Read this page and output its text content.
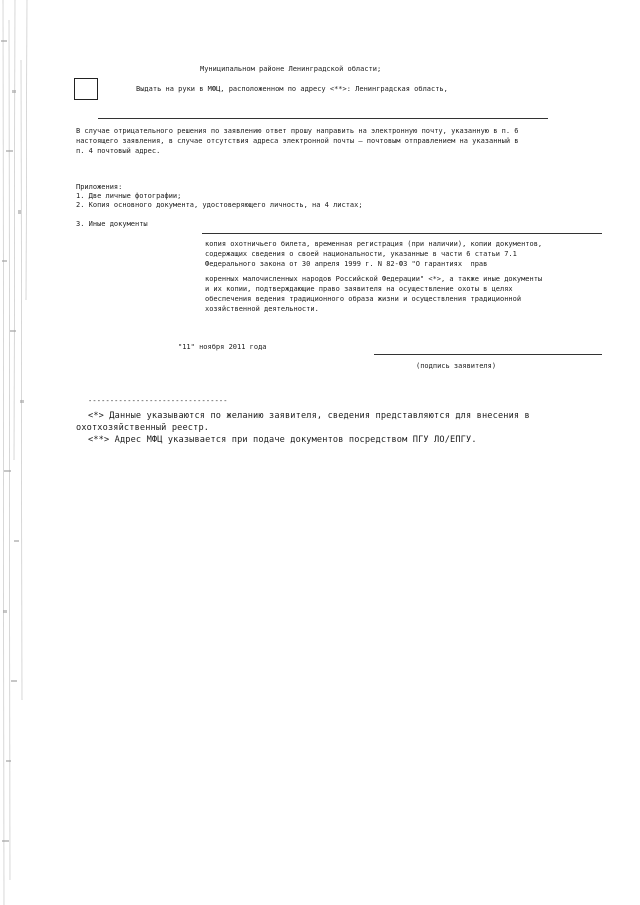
Муниципальном районе Ленинградской области;
Выдать на руки в МФЦ, расположенном по адресу <**>: Ленинградская область,
В случае отрицательного решения по заявлению ответ прошу направить на электронную почту, указанную в п. 6
настоящего заявления, в случае отсутствия адреса электронной почты – почтовым отправлением на указанный в
п. 4 почтовый адрес.
Приложения:
1. Две личные фотографии;
2. Копия основного документа, удостоверяющего личность, на 4 листах;
3. Иные документы
копия охотничьего билета, временная регистрация (при наличии), копии документов,
содержащих сведения о своей национальности, указанные в части 6 статьи 7.1
Федерального закона от 30 апреля 1999 г. N 82-ФЗ "О гарантиях  прав
коренных малочисленных народов Российской Федерации" <*>, а также иные документы
и их копии, подтверждающие право заявителя на осуществление охоты в целях
обеспечения ведения традиционного образа жизни и осуществления традиционной
хозяйственной деятельности.
"11" ноября 2011 года
(подпись заявителя)
--------------------------------
<*> Данные указываются по желанию заявителя, сведения представляются для внесения в
охотхозяйственный реестр.
<**> Адрес МФЦ указывается при подаче документов посредством ПГУ ЛО/ЕПГУ.
